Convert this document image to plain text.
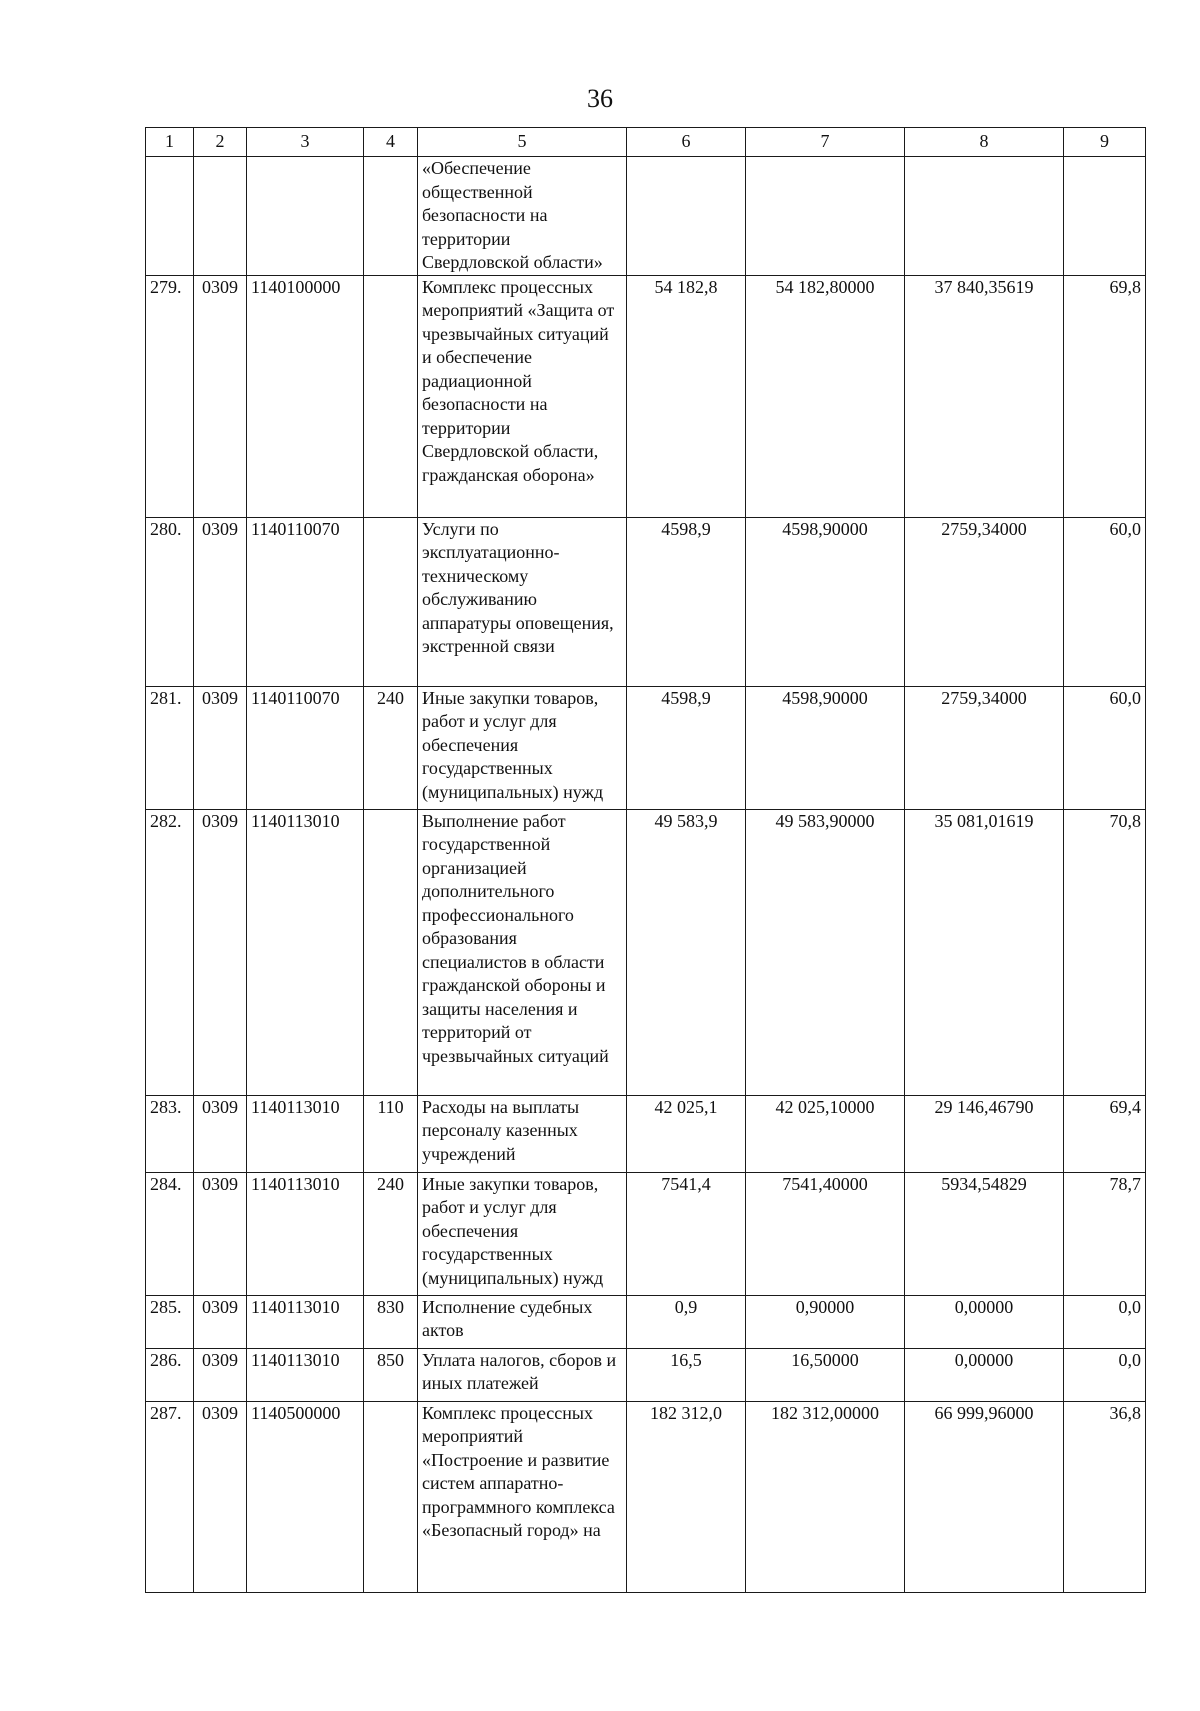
36
1	2	3	4	5	6	7	8	9
				«Обеспечение общественной безопасности на территории Свердловской области»				
279.	0309	1140100000		Комплекс процессных мероприятий «Защита от чрезвычайных ситуаций и обеспечение радиационной безопасности на территории Свердловской области, гражданская оборона»	54 182,8	54 182,80000	37 840,35619	69,8
280.	0309	1140110070		Услуги по эксплуатационно-техническому обслуживанию аппаратуры оповещения, экстренной связи	4598,9	4598,90000	2759,34000	60,0
281.	0309	1140110070	240	Иные закупки товаров, работ и услуг для обеспечения государственных (муниципальных) нужд	4598,9	4598,90000	2759,34000	60,0
282.	0309	1140113010		Выполнение работ государственной организацией дополнительного профессионального образования специалистов в области гражданской обороны и защиты населения и территорий от чрезвычайных ситуаций	49 583,9	49 583,90000	35 081,01619	70,8
283.	0309	1140113010	110	Расходы на выплаты персоналу казенных учреждений	42 025,1	42 025,10000	29 146,46790	69,4
284.	0309	1140113010	240	Иные закупки товаров, работ и услуг для обеспечения государственных (муниципальных) нужд	7541,4	7541,40000	5934,54829	78,7
285.	0309	1140113010	830	Исполнение судебных актов	0,9	0,90000	0,00000	0,0
286.	0309	1140113010	850	Уплата налогов, сборов и иных платежей	16,5	16,50000	0,00000	0,0
287.	0309	1140500000		Комплекс процессных мероприятий «Построение и развитие систем аппаратно-программного комплекса «Безопасный город» на	182 312,0	182 312,00000	66 999,96000	36,8
